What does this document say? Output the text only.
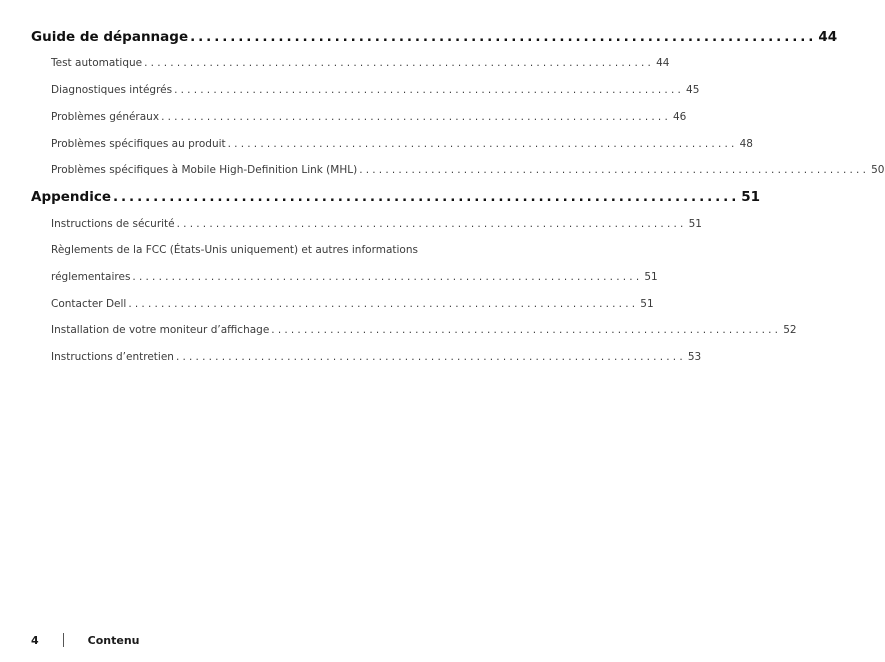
Guide de dépannage .............................................................................. 44
Test automatique .............................................................................. 44
Diagnostiques intégrés .............................................................................. 45
Problèmes généraux .............................................................................. 46
Problèmes spécifiques au produit .............................................................................. 48
Problèmes spécifiques à Mobile High-Definition Link (MHL) .............................................................................. 50
Appendice .............................................................................. 51
Instructions de sécurité .............................................................................. 51
Règlements de la FCC (États-Unis uniquement) et autres informations
réglementaires .............................................................................. 51
Contacter Dell .............................................................................. 51
Installation de votre moniteur d’affichage .............................................................................. 52
Instructions d’entretien .............................................................................. 53
4	Contenu
